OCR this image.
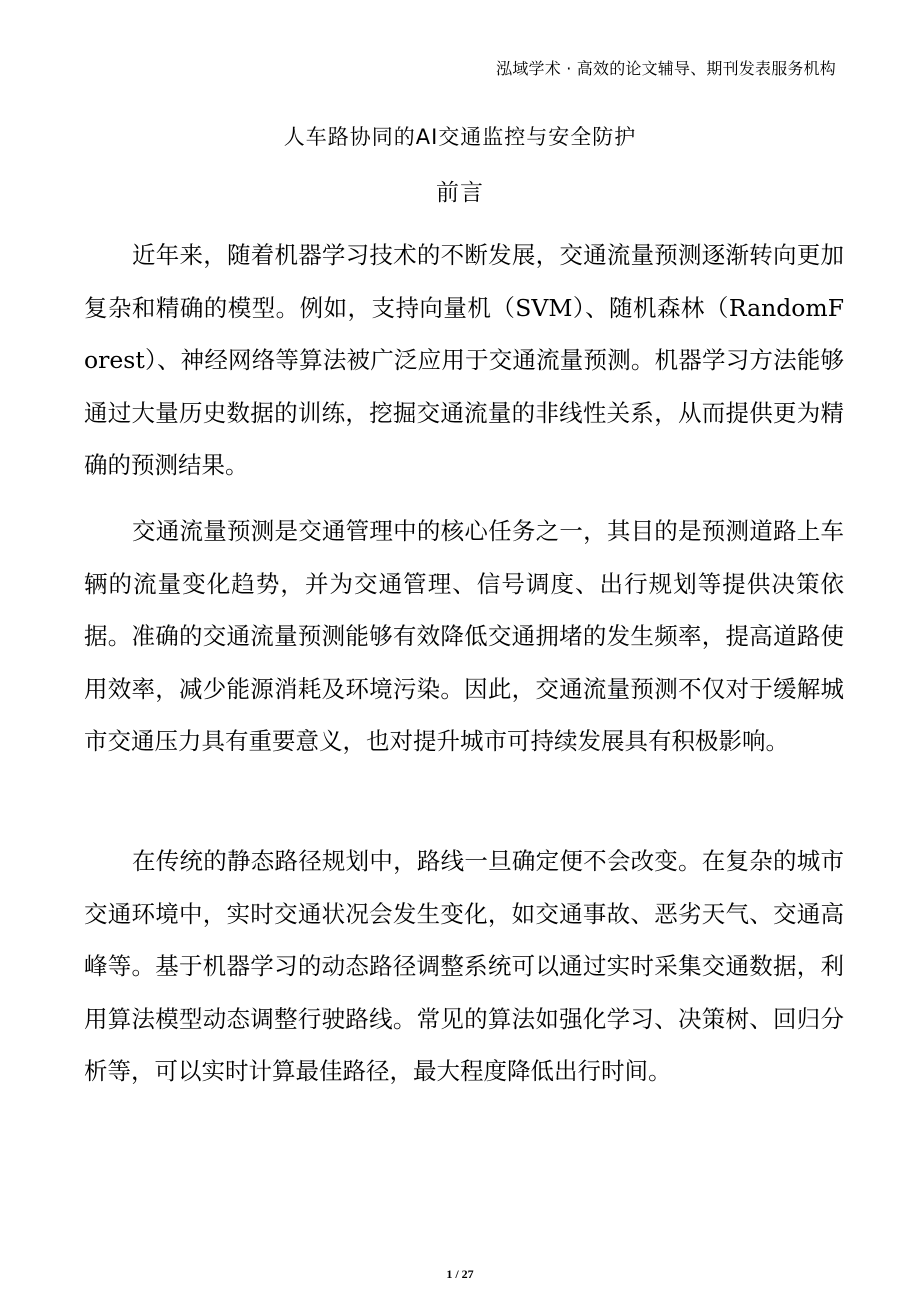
泓域学术 · 高效的论文辅导、期刊发表服务机构
人车路协同的AI交通监控与安全防护
前言

近年来，随着机器学习技术的不断发展，交通流量预测逐渐转向更加复杂和精确的模型。例如，支持向量机（SVM）、随机森林（RandomForest）、神经网络等算法被广泛应用于交通流量预测。机器学习方法能够通过大量历史数据的训练，挖掘交通流量的非线性关系，从而提供更为精确的预测结果。

交通流量预测是交通管理中的核心任务之一，其目的是预测道路上车辆的流量变化趋势，并为交通管理、信号调度、出行规划等提供决策依据。准确的交通流量预测能够有效降低交通拥堵的发生频率，提高道路使用效率，减少能源消耗及环境污染。因此，交通流量预测不仅对于缓解城市交通压力具有重要意义，也对提升城市可持续发展具有积极影响。

在传统的静态路径规划中，路线一旦确定便不会改变。在复杂的城市交通环境中，实时交通状况会发生变化，如交通事故、恶劣天气、交通高峰等。基于机器学习的动态路径调整系统可以通过实时采集交通数据，利用算法模型动态调整行驶路线。常见的算法如强化学习、决策树、回归分析等，可以实时计算最佳路径，最大程度降低出行时间。

1 / 27
